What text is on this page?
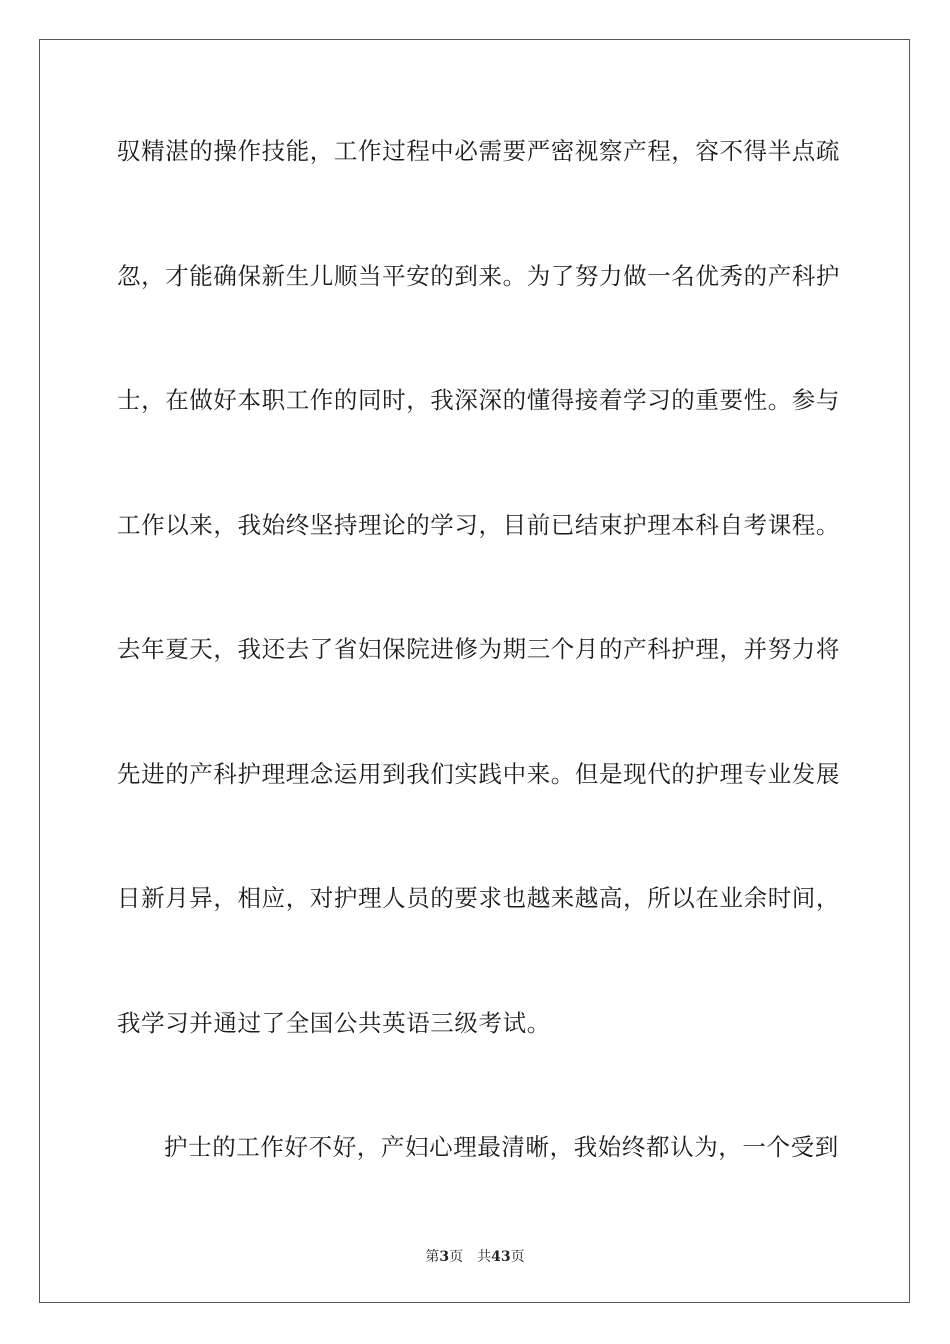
驭精湛的操作技能，工作过程中必需要严密视察产程，容不得半点疏
忽，才能确保新生儿顺当平安的到来。为了努力做一名优秀的产科护
士，在做好本职工作的同时，我深深的懂得接着学习的重要性。参与
工作以来，我始终坚持理论的学习，目前已结束护理本科自考课程。
去年夏天，我还去了省妇保院进修为期三个月的产科护理，并努力将
先进的产科护理理念运用到我们实践中来。但是现代的护理专业发展
日新月异，相应，对护理人员的要求也越来越高，所以在业余时间，
我学习并通过了全国公共英语三级考试。
护士的工作好不好，产妇心理最清晰，我始终都认为，一个受到
第3页 共43页
